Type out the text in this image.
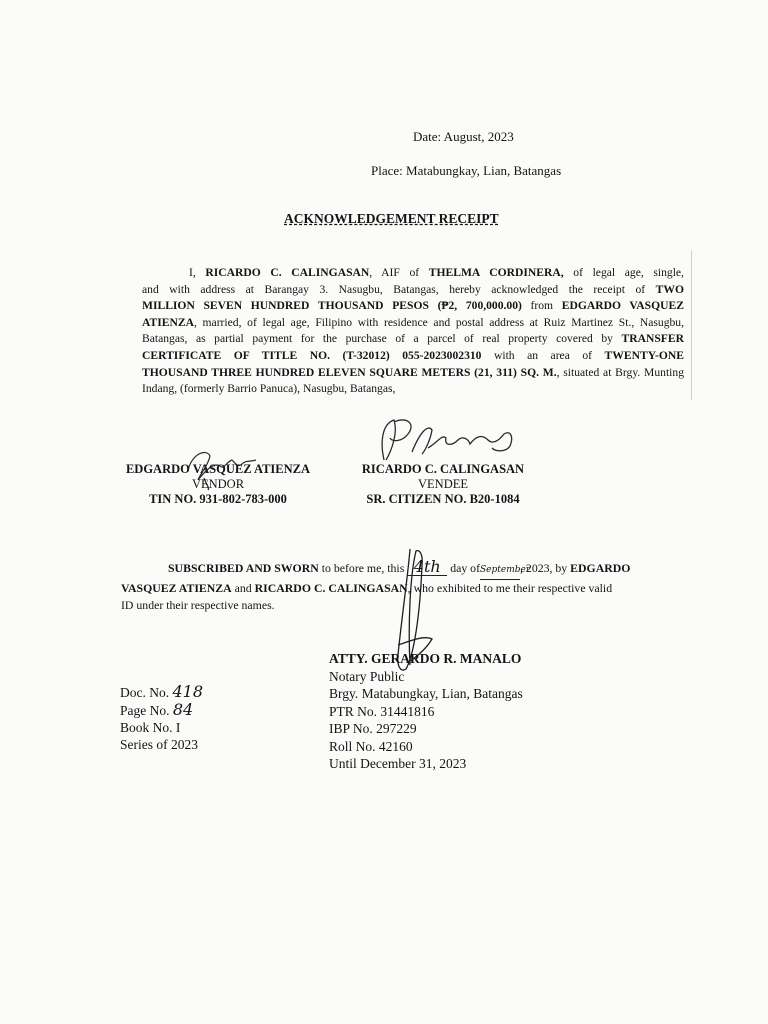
Date: August, 2023
Place: Matabungkay, Lian, Batangas
ACKNOWLEDGEMENT RECEIPT
I, RICARDO C. CALINGASAN, AIF of THELMA CORDINERA, of legal age, single,
and with address at Barangay 3. Nasugbu, Batangas, hereby acknowledged the receipt of TWO
MILLION SEVEN HUNDRED THOUSAND PESOS (₱2, 700,000.00) from EDGARDO VASQUEZ
ATIENZA, married, of legal age, Filipino with residence and postal address at Ruiz Martinez St., Nasugbu,
Batangas, as partial payment for the purchase of a parcel of real property covered by TRANSFER
CERTIFICATE OF TITLE NO. (T-32012) 055-2023002310 with an area of TWENTY-ONE
THOUSAND THREE HUNDRED ELEVEN SQUARE METERS (21, 311) SQ. M., situated at Brgy. Munting
Indang, (formerly Barrio Panuca), Nasugbu, Batangas,
EDGARDO VASQUEZ ATIENZA
VENDOR
TIN NO. 931-802-783-000
RICARDO C. CALINGASAN
VENDEE
SR. CITIZEN NO. B20-1084
SUBSCRIBED AND SWORN to before me, this 4th day ofSeptember, 2023, by EDGARDO
VASQUEZ ATIENZA and RICARDO C. CALINGASAN, who exhibited to me their respective valid
ID under their respective names.
ATTY. GERARDO R. MANALO
Notary Public
Brgy. Matabungkay, Lian, Batangas
PTR No. 31441816
IBP No. 297229
Roll No. 42160
Until December 31, 2023
Doc. No. 418
Page No. 84
Book No. I
Series of 2023
